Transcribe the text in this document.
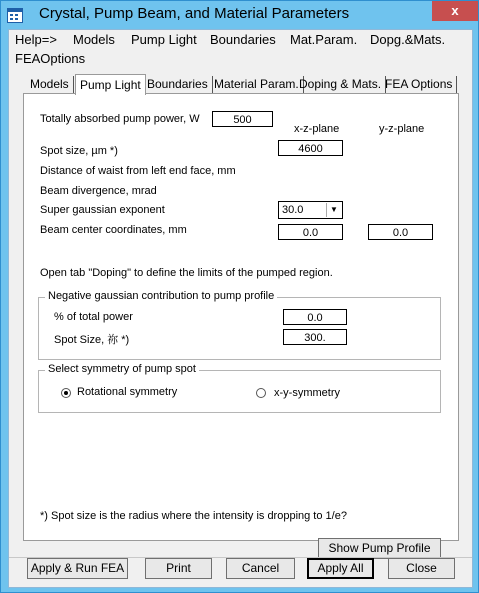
Crystal, Pump Beam, and Material Parameters	x
Help=> Models Pump Light Boundaries Mat.Param. Dopg.&Mats.
FEAOptions
Models Pump Light Boundaries Material Param. Doping & Mats. FEA Options
Totally absorbed pump power, W	500
x-z-plane	y-z-plane
Spot size, µm *)	4600
Distance of waist from left end face, mm
Beam divergence, mrad
Super gaussian exponent	30.0	▼
Beam center coordinates, mm	0.0	0.0
Open tab "Doping" to define the limits of the pumped region.
Negative gaussian contribution to pump profile
% of total power	0.0
Spot Size, 祢 *)	300.
Select symmetry of pump spot
Rotational symmetry	x-y-symmetry
*) Spot size is the radius where the intensity is dropping to 1/e?
Show Pump Profile
Apply & Run FEA	Print	Cancel	Apply All	Close
